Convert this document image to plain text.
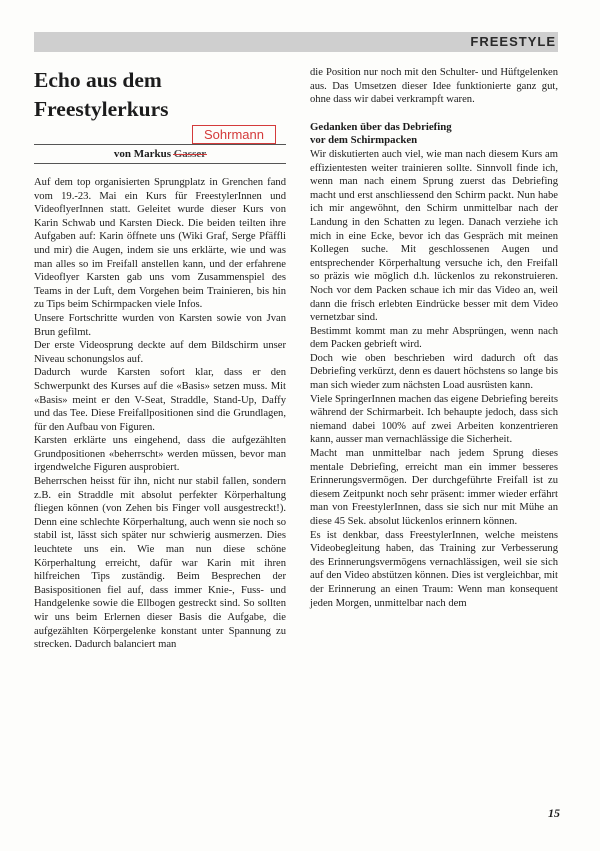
FREESTYLE
Sohrmann
Echo aus dem
Freestylerkurs
von Markus Gasser

Auf dem top organisierten Sprungplatz in Grenchen fand vom 19.-23. Mai ein Kurs für FreestylerInnen und VideoflyerInnen statt. Geleitet wurde dieser Kurs von Karin Schwab und Karsten Dieck. Die beiden teilten ihre Aufgaben auf: Karin öffnete uns (Wiki Graf, Serge Pfäffli und mir) die Augen, indem sie uns erklärte, wie und was man alles so im Freifall anstellen kann, und der erfahrene Videoflyer Karsten gab uns vom Zusammenspiel des Teams in der Luft, dem Vorgehen beim Trainieren, bis hin zu Tips beim Schirmpacken viele Infos.

Unsere Fortschritte wurden von Karsten sowie von Jvan Brun gefilmt.

Der erste Videosprung deckte auf dem Bildschirm unser Niveau schonungslos auf.

Dadurch wurde Karsten sofort klar, dass er den Schwerpunkt des Kurses auf die «Basis» setzen muss. Mit «Basis» meint er den V-Seat, Straddle, Stand-Up, Daffy und das Tee. Diese Freifallpositionen sind die Grundlagen, für den Aufbau von Figuren.

Karsten erklärte uns eingehend, dass die aufgezählten Grundpositionen «beherrscht» werden müssen, bevor man irgendwelche Figuren ausprobiert.

Beherrschen heisst für ihn, nicht nur stabil fallen, sondern z.B. ein Straddle mit absolut perfekter Körperhaltung fliegen können (von Zehen bis Finger voll ausgestreckt!). Denn eine schlechte Körperhaltung, auch wenn sie noch so stabil ist, lässt sich später nur schwierig ausmerzen. Dies leuchtete uns ein. Wie man nun diese schöne Körperhaltung erreicht, dafür war Karin mit ihren hilfreichen Tips zuständig. Beim Besprechen der Basispositionen fiel auf, dass immer Knie-, Fuss- und Handgelenke sowie die Ellbogen gestreckt sind. So sollten wir uns beim Erlernen dieser Basis die Aufgabe, die aufgezählten Körpergelenke konstant unter Spannung zu strecken. Dadurch balanciert man

die Position nur noch mit den Schulter- und Hüftgelenken aus. Das Umsetzen dieser Idee funktionierte ganz gut, ohne dass wir dabei verkrampft waren.

Gedanken über das Debriefing
vor dem Schirmpacken

Wir diskutierten auch viel, wie man nach diesem Kurs am effizientesten weiter trainieren sollte. Sinnvoll finde ich, wenn man nach einem Sprung zuerst das Debriefing macht und erst anschliessend den Schirm packt. Nun habe ich mir angewöhnt, den Schirm unmittelbar nach der Landung in den Schatten zu legen. Danach verziehe ich mich in eine Ecke, bevor ich das Gespräch mit meinen Kollegen suche. Mit geschlossenen Augen und entsprechender Körperhaltung versuche ich, den Freifall so präzis wie möglich d.h. lückenlos zu rekonstruieren. Noch vor dem Packen schaue ich mir das Video an, weil dann die frisch erlebten Eindrücke besser mit dem Video vernetzbar sind.

Bestimmt kommt man zu mehr Absprüngen, wenn nach dem Packen gebrieft wird.

Doch wie oben beschrieben wird dadurch oft das Debriefing verkürzt, denn es dauert höchstens so lange bis man sich wieder zum nächsten Load ausrüsten kann.

Viele SpringerInnen machen das eigene Debriefing bereits während der Schirmarbeit. Ich behaupte jedoch, dass sich niemand dabei 100% auf zwei Arbeiten konzentrieren kann, ausser man vernachlässige die Sicherheit.

Macht man unmittelbar nach jedem Sprung dieses mentale Debriefing, erreicht man ein immer besseres Erinnerungsvermögen. Der durchgeführte Freifall ist zu diesem Zeitpunkt noch sehr präsent: immer wieder erfährt man von FreestylerInnen, dass sie sich nur mit Mühe an diese 45 Sek. absolut lückenlos erinnern können.

Es ist denkbar, dass FreestylerInnen, welche meistens Videobegleitung haben, das Training zur Verbesserung des Erinnerungsvermögens vernachlässigen, weil sie sich auf den Video abstützen können. Dies ist vergleichbar, mit der Erinnerung an einen Traum: Wenn man konsequent jeden Morgen, unmittelbar nach dem

15
